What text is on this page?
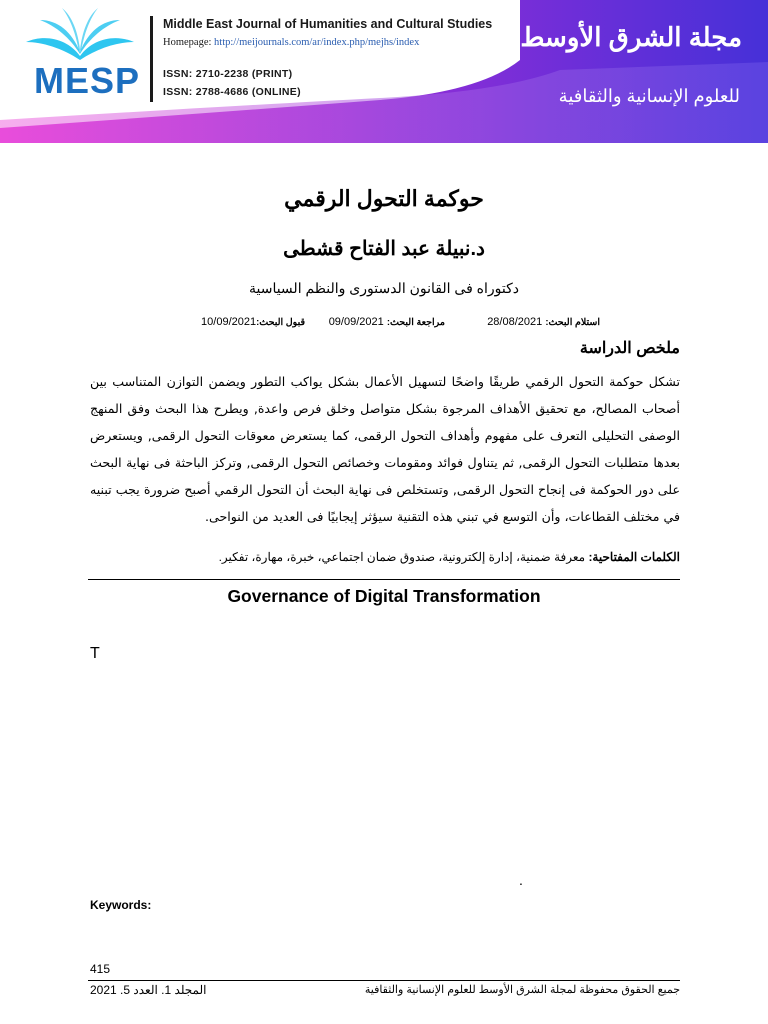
MESP
Middle East Journal of Humanities and Cultural Studies
Homepage: http://meijournals.com/ar/index.php/mejhs/index
ISSN: 2710-2238 (PRINT)
ISSN: 2788-4686 (ONLINE)
مجلة الشرق الأوسط
للعلوم الإنسانية والثقافية
حوكمة التحول الرقمي
د.نبيلة عبد الفتاح قشطى
دكتوراه فى القانون الدستورى والنظم السياسية
استلام البحث: 28/08/2021
مراجعة البحث: 09/09/2021
قبول البحث:10/09/2021
ملخص الدراسة
تشكل حوكمة التحول الرقمي طريقًا واضحًا لتسهيل الأعمال بشكل يواكب التطور ويضمن التوازن المتناسب بين أصحاب المصالح، مع تحقيق الأهداف المرجوة بشكل متواصل وخلق فرص واعدة, ويطرح هذا البحث وفق المنهج الوصفى التحليلى التعرف على مفهوم وأهداف التحول الرقمى، كما يستعرض معوقات التحول الرقمى, ويستعرض بعدها متطلبات التحول الرقمى, ثم يتناول فوائد ومقومات وخصائص التحول الرقمى, وتركز الباحثة فى نهاية البحث على دور الحوكمة فى إنجاح التحول الرقمى, وتستخلص فى نهاية البحث أن التحول الرقمي أصبح ضرورة يجب تبنيه في مختلف القطاعات، وأن التوسع في تبني هذه التقنية سيؤثر إيجابيًا فى العديد من النواحى.
الكلمات المفتاحية: معرفة ضمنية، إدارة إلكترونية، صندوق ضمان اجتماعي، خبرة، مهارة، تفكير.
Governance of Digital Transformation
T
.
Keywords:
415
المجلد 1. العدد 5. 2021	جميع الحقوق محفوظة لمجلة الشرق الأوسط للعلوم الإنسانية والثقافية
